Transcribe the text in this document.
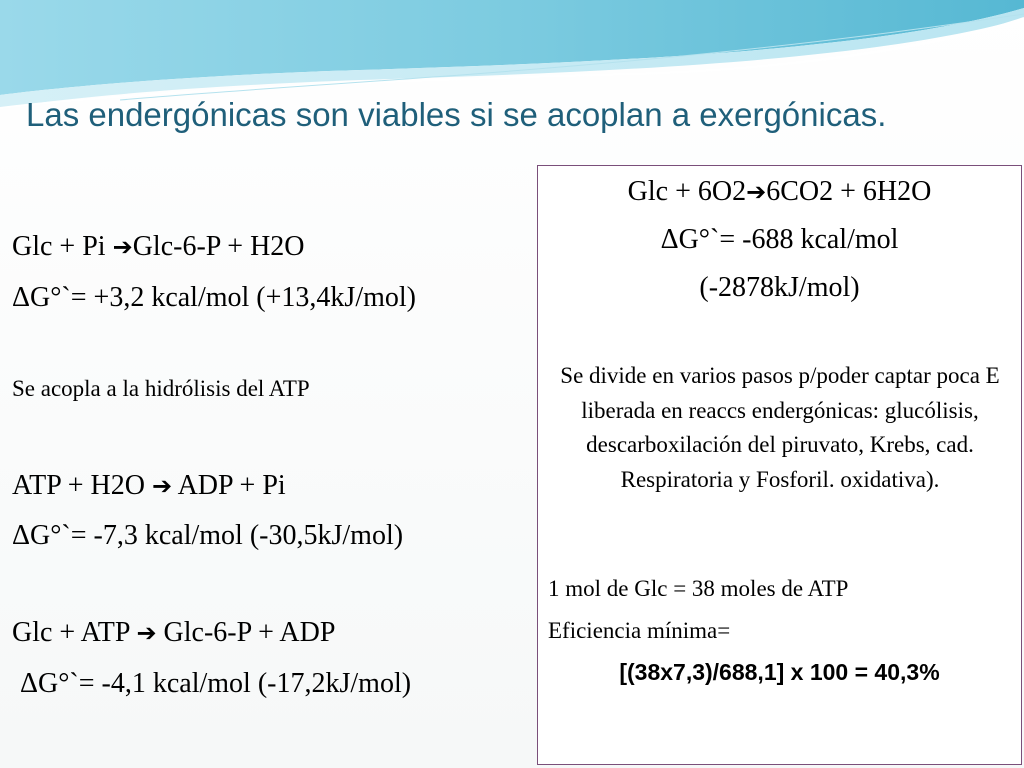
Las endergónicas son viables si se acoplan a exergónicas.
Glc + Pi ➔Glc-6-P + H2O
ΔG°`= +3,2 kcal/mol (+13,4kJ/mol)
Se acopla a la hidrólisis del ATP
ATP + H2O ➔ ADP + Pi
ΔG°`= -7,3 kcal/mol (-30,5kJ/mol)
Glc + ATP ➔ Glc-6-P + ADP
ΔG°`= -4,1 kcal/mol (-17,2kJ/mol)
Glc + 6O2➔6CO2 + 6H2O
ΔG°`= -688 kcal/mol
(-2878kJ/mol)
Se divide en varios pasos p/poder captar poca E liberada en reaccs endergónicas: glucólisis, descarboxilación del piruvato, Krebs, cad. Respiratoria y Fosforil. oxidativa).
1 mol de Glc = 38 moles de ATP
Eficiencia mínima=
[(38x7,3)/688,1] x 100 = 40,3%
